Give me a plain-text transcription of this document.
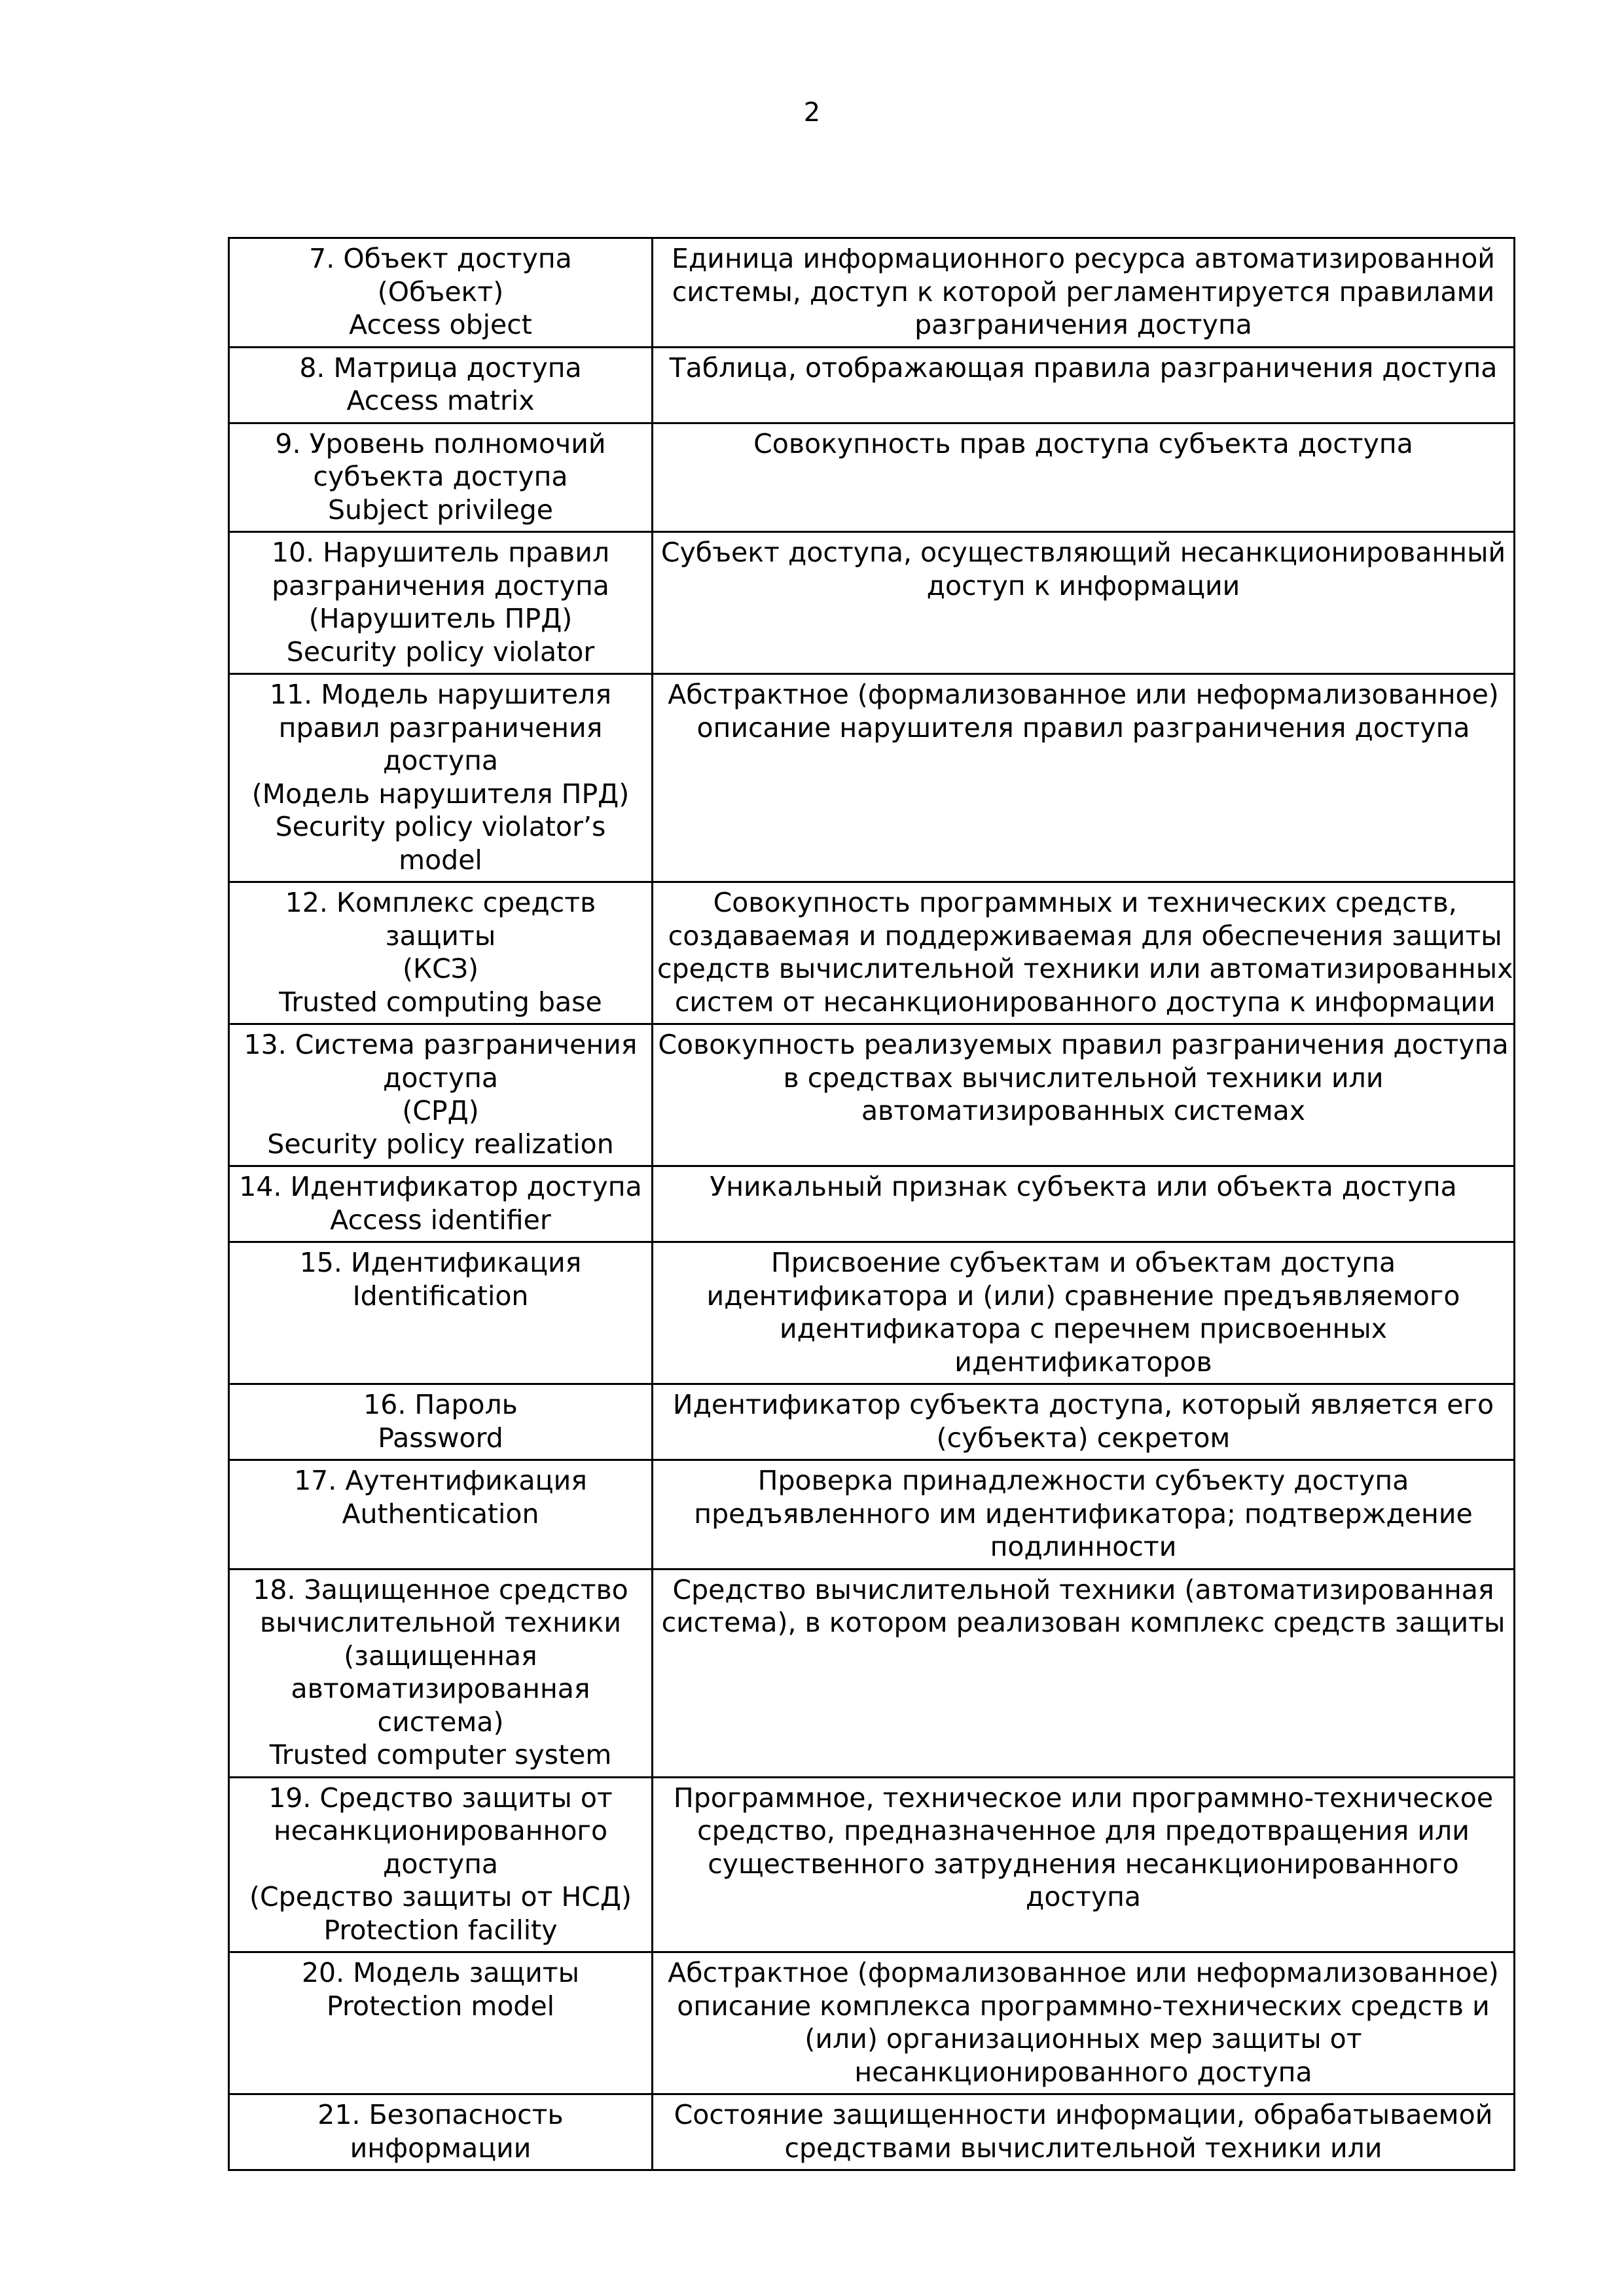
2
7. Объект доступа
(Объект)
Access object
Единица информационного ресурса автоматизированной
системы, доступ к которой регламентируется правилами
разграничения доступа
8. Матрица доступа
Access matrix
Таблица, отображающая правила разграничения доступа
9. Уровень полномочий
субъекта доступа
Subject privilege
Совокупность прав доступа субъекта доступа
10. Нарушитель правил
разграничения доступа
(Нарушитель ПРД)
Security policy violator
Субъект доступа, осуществляющий несанкционированный
доступ к информации
11. Модель нарушителя
правил разграничения
доступа
(Модель нарушителя ПРД)
Security policy violator’s
model
Абстрактное (формализованное или неформализованное)
описание нарушителя правил разграничения доступа
12. Комплекс средств
защиты
(КСЗ)
Trusted computing base
Совокупность программных и технических средств,
создаваемая и поддерживаемая для обеспечения защиты
средств вычислительной техники или автоматизированных
систем от несанкционированного доступа к информации
13. Система разграничения
доступа
(СРД)
Security policy realization
Совокупность реализуемых правил разграничения доступа
в средствах вычислительной техники или
автоматизированных системах
14. Идентификатор доступа
Access identifier
Уникальный признак субъекта или объекта доступа
15. Идентификация
Identification
Присвоение субъектам и объектам доступа
идентификатора и (или) сравнение предъявляемого
идентификатора с перечнем присвоенных
идентификаторов
16. Пароль
Password
Идентификатор субъекта доступа, который является его
(субъекта) секретом
17. Аутентификация
Authentication
Проверка принадлежности субъекту доступа
предъявленного им идентификатора; подтверждение
подлинности
18. Защищенное средство
вычислительной техники
(защищенная
автоматизированная
система)
Trusted computer system
Средство вычислительной техники (автоматизированная
система), в котором реализован комплекс средств защиты
19. Средство защиты от
несанкционированного
доступа
(Средство защиты от НСД)
Protection facility
Программное, техническое или программно-техническое
средство, предназначенное для предотвращения или
существенного затруднения несанкционированного
доступа
20. Модель защиты
Protection model
Абстрактное (формализованное или неформализованное)
описание комплекса программно-технических средств и
(или) организационных мер защиты от
несанкционированного доступа
21. Безопасность
информации
Состояние защищенности информации, обрабатываемой
средствами вычислительной техники или
